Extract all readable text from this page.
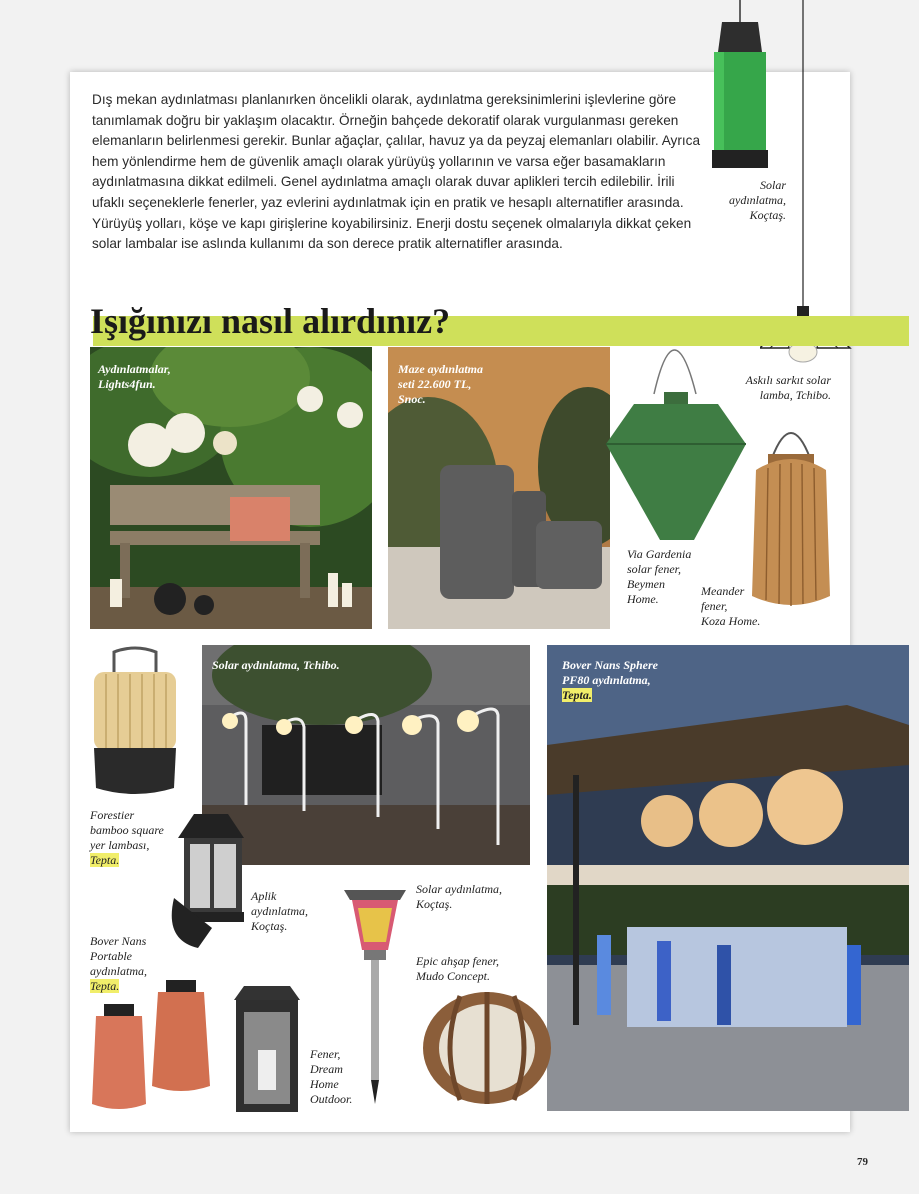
Dış mekan aydınlatması planlanırken öncelikli olarak, aydınlatma gereksinimlerini işlevlerine göre tanımlamak doğru bir yaklaşım olacaktır. Örneğin bahçede dekoratif olarak vurgulanması gereken elemanların belirlenmesi gerekir. Bunlar ağaçlar, çalılar, havuz ya da peyzaj elemanları olabilir. Ayrıca hem yönlendirme hem de güvenlik amaçlı olarak yürüyüş yollarının ve varsa eğer basamakların aydınlatmasına dikkat edilmeli. Genel aydınlatma amaçlı olarak duvar aplikleri tercih edilebilir. İrili ufaklı seçeneklerle fenerler, yaz evlerini aydınlatmak için en pratik ve hesaplı alternatifler arasında. Yürüyüş yolları, köşe ve kapı girişlerine koyabilirsiniz. Enerji dostu seçenek olmalarıyla dikkat çeken solar lambalar ise aslında kullanımı da son derece pratik alternatifler arasında.

Solar
aydınlatma,
Koçtaş.
Işığınızı nasıl alırdınız?
Askılı sarkıt solar
lamba, Tchibo.
Aydınlatmalar,
Lights4fun.
Maze aydınlatma
seti 22.600 TL,
Snoc.
Via Gardenia
solar fener,
Beymen
Home.
Meander
fener,
Koza Home.
Forestier
bamboo square
yer lambası,
Tepta.
Solar aydınlatma, Tchibo.	Bover Nans Sphere
PF80 aydınlatma,
Tepta.
Aplik
aydınlatma,
Koçtaş.
Solar aydınlatma,
Koçtaş.
Epic ahşap fener,
Mudo Concept.
Bover Nans
Portable
aydınlatma,
Tepta.
Fener,
Dream
Home
Outdoor.
79
